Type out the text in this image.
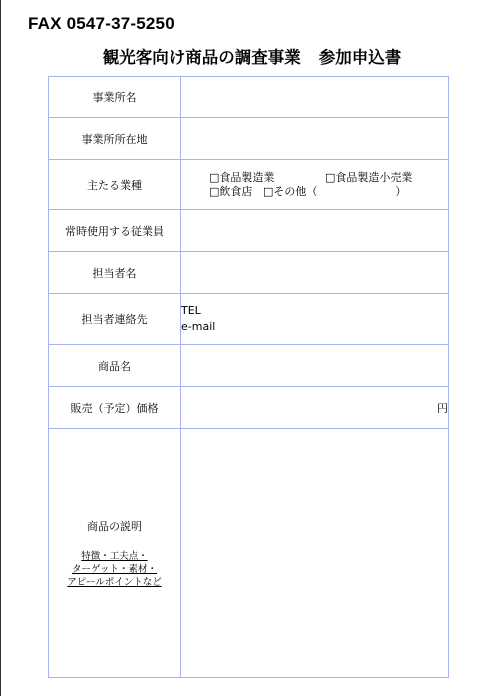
FAX 0547-37-5250
観光客向け商品の調査事業 参加申込書
事業所名	
事業所所在地	
主たる業種	□食品製造業 □食品製造小売業
□飲食店 □その他（ ）

常時使用する従業員	
担当者名	
担当者連絡先	TEL
e-mail

商品名	
販売（予定）価格	円

商品の説明
特徴・工夫点・
ターゲット・素材・
アピールポイントなど	
